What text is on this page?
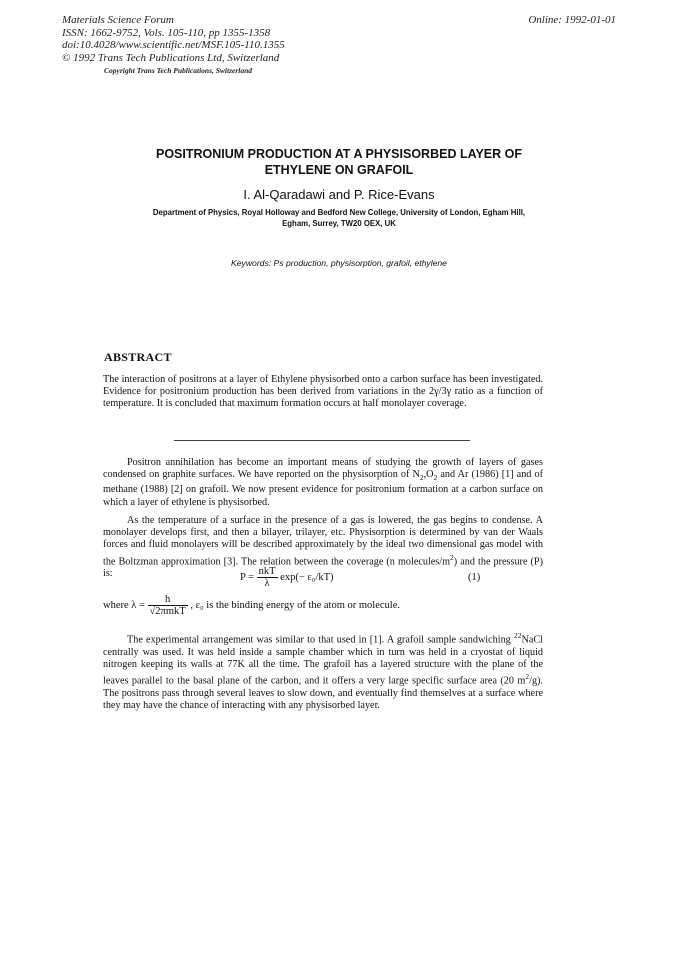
Materials Science Forum
ISSN: 1662-9752, Vols. 105-110, pp 1355-1358
doi:10.4028/www.scientific.net/MSF.105-110.1355
© 1992 Trans Tech Publications Ltd, Switzerland
Online: 1992-01-01
Copyright Trans Tech Publications, Switzerland
POSITRONIUM PRODUCTION AT A PHYSISORBED LAYER OF
ETHYLENE ON GRAFOIL
I. Al-Qaradawi and P. Rice-Evans
Department of Physics, Royal Holloway and Bedford New College, University of London, Egham Hill,
Egham, Surrey, TW20 OEX, UK
Keywords: Ps production, physisorption, grafoil, ethylene
ABSTRACT
The interaction of positrons at a layer of Ethylene physisorbed onto a carbon surface has been investigated. Evidence for positronium production has been derived from variations in the 2γ/3γ ratio as a function of temperature. It is concluded that maximum formation occurs at half monolayer coverage.
Positron annihilation has become an important means of studying the growth of layers of gases condensed on graphite surfaces. We have reported on the physisorption of $N_2,O_2$ and Ar (1986) [1] and of methane (1988) [2] on grafoil. We now present evidence for positronium formation at a carbon surface on which a layer of ethylene is physisorbed.
As the temperature of a surface in the presence of a gas is lowered, the gas begins to condense. A monolayer develops first, and then a bilayer, trilayer, etc. Physisorption is determined by van der Waals forces and fluid monolayers will be described approximately by the ideal two dimensional gas model with the Boltzman approximation [3]. The relation between the coverage (n molecules/$m^2$) and the pressure (P) is:	$P = \frac{\text{nkT}}{\lambda} \exp(- \varepsilon_0/kT)$	(1)
where $\lambda = \frac{h}{\text{√2πmkT}}$ , ε₀ is the binding energy of the atom or molecule.
The experimental arrangement was similar to that used in [1]. A grafoil sample sandwiching $^{22}$NaCl centrally was used. It was held inside a sample chamber which in turn was held in a cryostat of liquid nitrogen keeping its walls at 77K all the time. The grafoil has a layered structure with the plane of the leaves parallel to the basal plane of the carbon, and it offers a very large specific surface area (20 $m^2/g$). The positrons pass through several leaves to slow down, and eventually find themselves at a surface where they may have the chance of interacting with any physisorbed layer.
